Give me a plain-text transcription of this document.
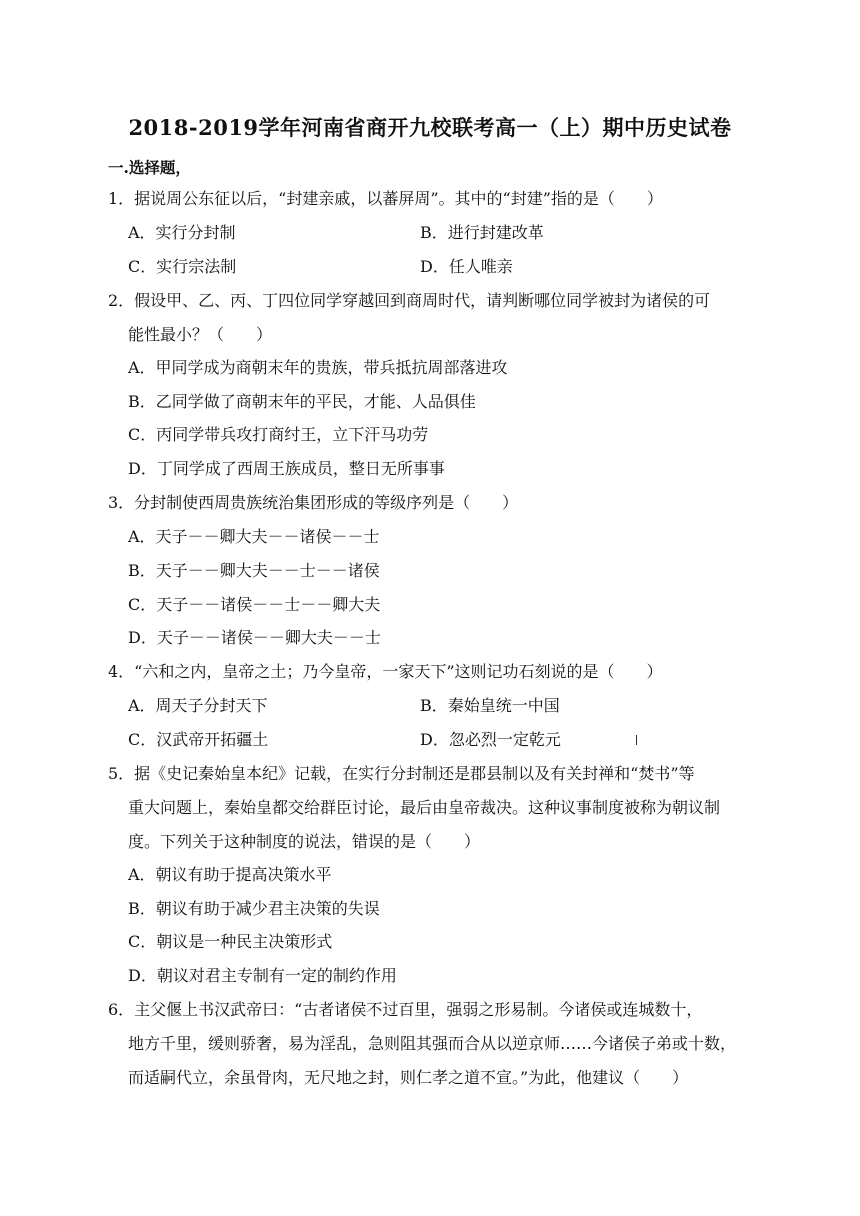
2018-2019学年河南省商开九校联考高一（上）期中历史试卷
一.选择题，
1．据说周公东征以后，“封建亲戚，以蕃屏周”。其中的“封建”指的是（　　）
A．实行分封制	B．进行封建改革
C．实行宗法制	D．任人唯亲
2．假设甲、乙、丙、丁四位同学穿越回到商周时代，请判断哪位同学被封为诸侯的可
能性最小？（　　）
A．甲同学成为商朝末年的贵族，带兵抵抗周部落进攻
B．乙同学做了商朝末年的平民，才能、人品俱佳
C．丙同学带兵攻打商纣王，立下汗马功劳
D．丁同学成了西周王族成员，整日无所事事
3．分封制使西周贵族统治集团形成的等级序列是（　　）
A．天子－－卿大夫－－诸侯－－士
B．天子－－卿大夫－－士－－诸侯
C．天子－－诸侯－－士－－卿大夫
D．天子－－诸侯－－卿大夫－－士
4．“六和之内，皇帝之土；乃今皇帝，一家天下”这则记功石刻说的是（　　）
A．周天子分封天下	B．秦始皇统一中国
C．汉武帝开拓疆土	D．忽必烈一定乾元
5．据《史记秦始皇本纪》记载，在实行分封制还是郡县制以及有关封禅和“焚书”等
重大问题上，秦始皇都交给群臣讨论，最后由皇帝裁决。这种议事制度被称为朝议制
度。下列关于这种制度的说法，错误的是（　　）
A．朝议有助于提高决策水平
B．朝议有助于减少君主决策的失误
C．朝议是一种民主决策形式
D．朝议对君主专制有一定的制约作用
6．主父偃上书汉武帝曰：“古者诸侯不过百里，强弱之形易制。今诸侯或连城数十，
地方千里，缓则骄奢，易为淫乱，急则阻其强而合从以逆京师……今诸侯子弟或十数，
而适嗣代立，余虽骨肉，无尺地之封，则仁孝之道不宣。”为此，他建议（　　）
